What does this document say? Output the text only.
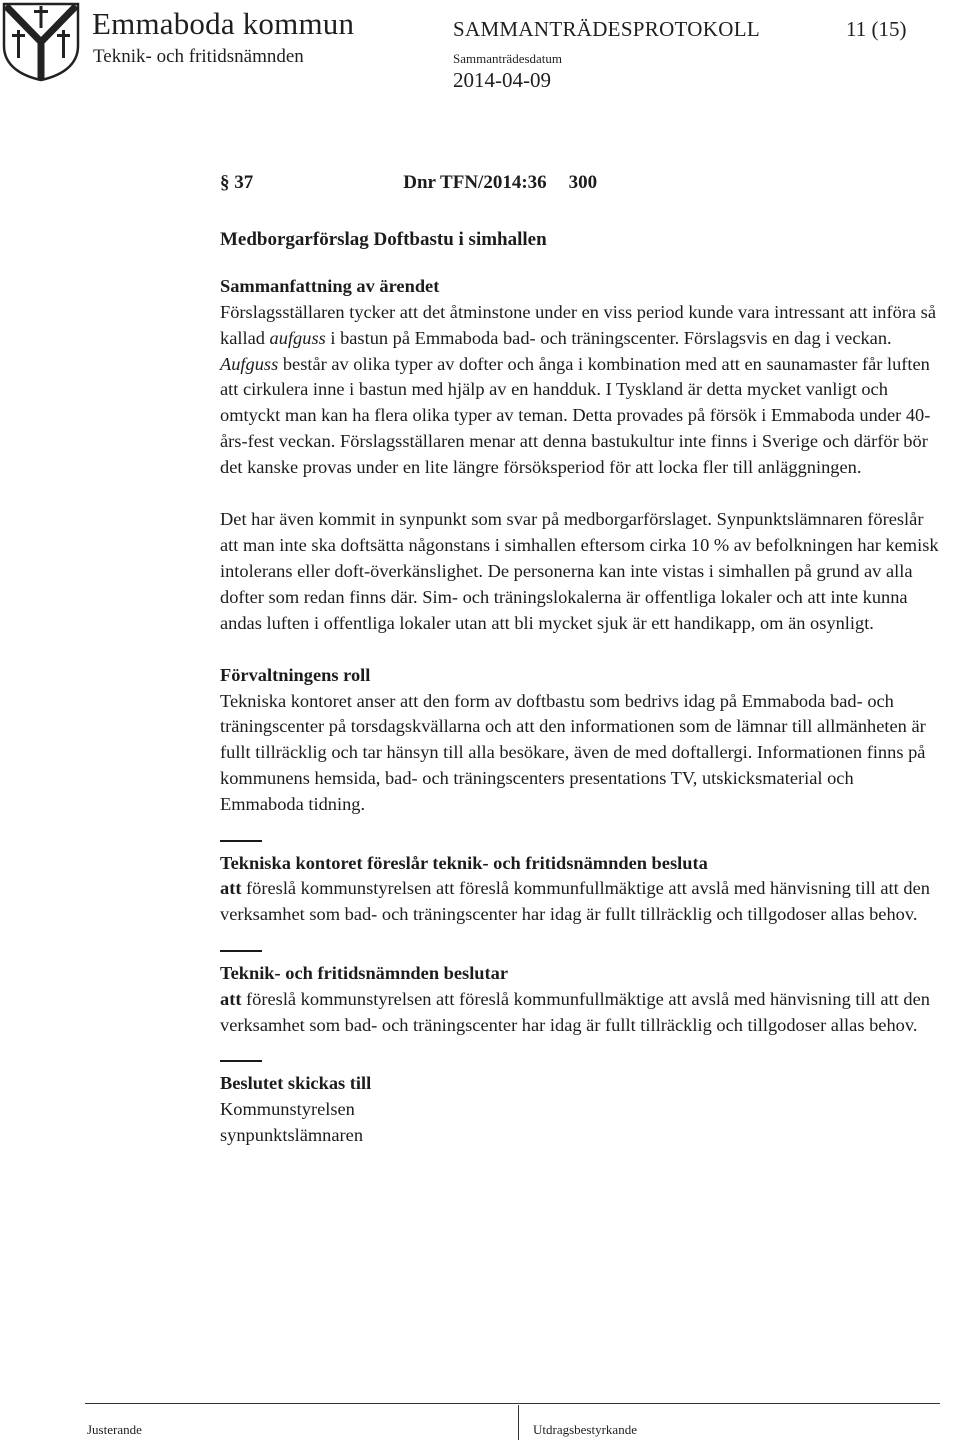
Emmaboda kommun
Teknik- och fritidsnämnden
SAMMANTRÄDESPROTOKOLL	11 (15)
Sammanträdesdatum
2014-04-09

§ 37	Dnr TFN/2014:36 300

Medborgarförslag Doftbastu i simhallen

Sammanfattning av ärendet

Förslagsställaren tycker att det åtminstone under en viss period kunde vara intressant att införa så kallad aufguss i bastun på Emmaboda bad- och träningscenter. Förslagsvis en dag i veckan. Aufguss består av olika typer av dofter och ånga i kombination med att en saunamaster får luften att cirkulera inne i bastun med hjälp av en handduk. I Tyskland är detta mycket vanligt och omtyckt man kan ha flera olika typer av teman. Detta provades på försök i Emmaboda under 40-års-fest veckan. Förslagsställaren menar att denna bastukultur inte finns i Sverige och därför bör det kanske provas under en lite längre försöksperiod för att locka fler till anläggningen.

Det har även kommit in synpunkt som svar på medborgarförslaget. Synpunktslämnaren föreslår att man inte ska doftsätta någonstans i simhallen eftersom cirka 10 % av befolkningen har kemisk intolerans eller doft-överkänslighet. De personerna kan inte vistas i simhallen på grund av alla dofter som redan finns där. Sim- och träningslokalerna är offentliga lokaler och att inte kunna andas luften i offentliga lokaler utan att bli mycket sjuk är ett handikapp, om än osynligt.

Förvaltningens roll

Tekniska kontoret anser att den form av doftbastu som bedrivs idag på Emmaboda bad- och träningscenter på torsdagskvällarna och att den informationen som de lämnar till allmänheten är fullt tillräcklig och tar hänsyn till alla besökare, även de med doftallergi. Informationen finns på kommunens hemsida, bad- och träningscenters presentations TV, utskicksmaterial och Emmaboda tidning.

Tekniska kontoret föreslår teknik- och fritidsnämnden besluta

att föreslå kommunstyrelsen att föreslå kommunfullmäktige att avslå med hänvisning till att den verksamhet som bad- och träningscenter har idag är fullt tillräcklig och tillgodoser allas behov.

Teknik- och fritidsnämnden beslutar

att föreslå kommunstyrelsen att föreslå kommunfullmäktige att avslå med hänvisning till att den verksamhet som bad- och träningscenter har idag är fullt tillräcklig och tillgodoser allas behov.

Beslutet skickas till

Kommunstyrelsen

synpunktslämnaren

Justerande	Utdragsbestyrkande
